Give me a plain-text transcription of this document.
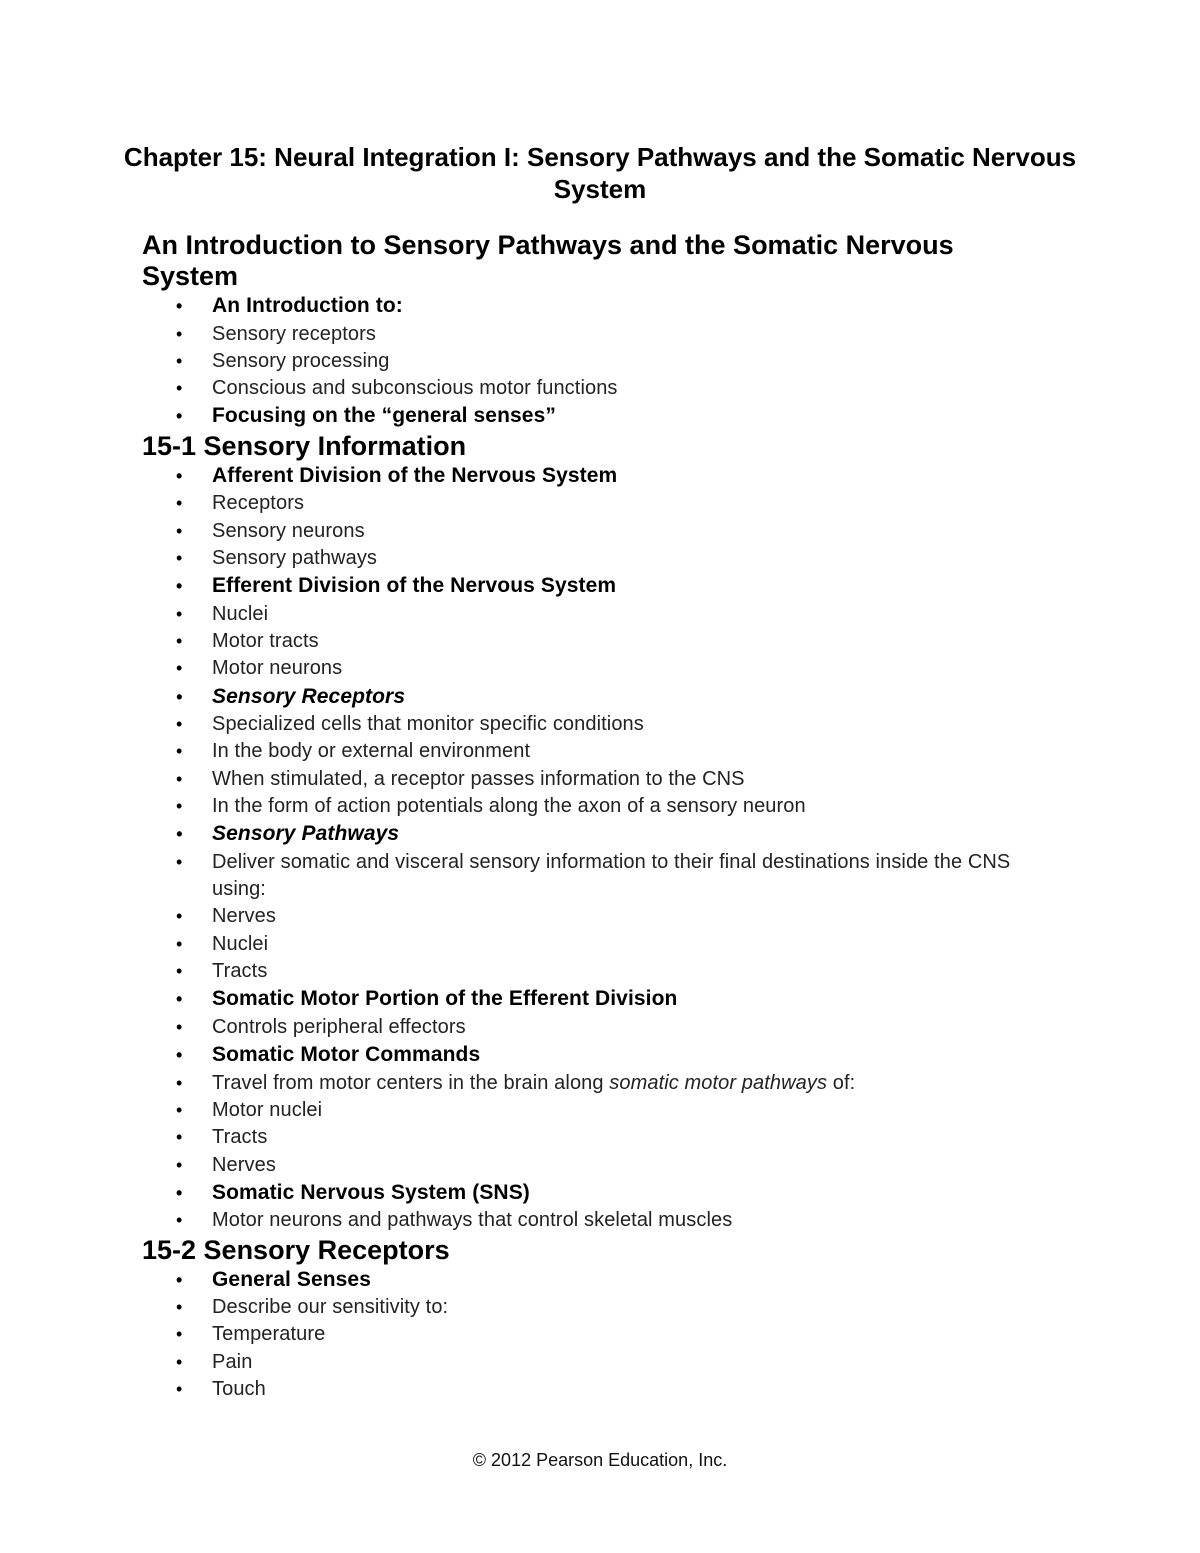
Chapter 15: Neural Integration I: Sensory Pathways and the Somatic Nervous System
An Introduction to Sensory Pathways and the Somatic Nervous System
• An Introduction to:
• Sensory receptors
• Sensory processing
• Conscious and subconscious motor functions
• Focusing on the “general senses”
15-1 Sensory Information
• Afferent Division of the Nervous System
• Receptors
• Sensory neurons
• Sensory pathways
• Efferent Division of the Nervous System
• Nuclei
• Motor tracts
• Motor neurons
• Sensory Receptors
• Specialized cells that monitor specific conditions
• In the body or external environment
• When stimulated, a receptor passes information to the CNS
• In the form of action potentials along the axon of a sensory neuron
• Sensory Pathways
• Deliver somatic and visceral sensory information to their final destinations inside the CNS using:
• Nerves
• Nuclei
• Tracts
• Somatic Motor Portion of the Efferent Division
• Controls peripheral effectors
• Somatic Motor Commands
• Travel from motor centers in the brain along somatic motor pathways of:
• Motor nuclei
• Tracts
• Nerves
• Somatic Nervous System (SNS)
• Motor neurons and pathways that control skeletal muscles
15-2 Sensory Receptors
• General Senses
• Describe our sensitivity to:
• Temperature
• Pain
• Touch
© 2012 Pearson Education, Inc.
